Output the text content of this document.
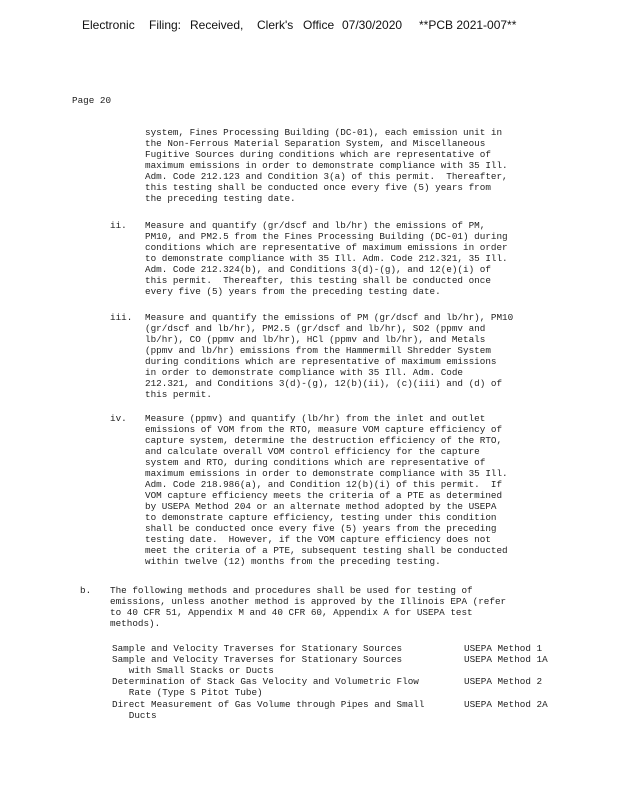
Electronic Filing: Received, Clerk's Office 07/30/2020 **PCB 2021-007**
Page 20
system, Fines Processing Building (DC-01), each emission unit in
the Non-Ferrous Material Separation System, and Miscellaneous
Fugitive Sources during conditions which are representative of
maximum emissions in order to demonstrate compliance with 35 Ill.
Adm. Code 212.123 and Condition 3(a) of this permit.  Thereafter,
this testing shall be conducted once every five (5) years from
the preceding testing date.
ii. Measure and quantify (gr/dscf and lb/hr) the emissions of PM,
PM10, and PM2.5 from the Fines Processing Building (DC-01) during
conditions which are representative of maximum emissions in order
to demonstrate compliance with 35 Ill. Adm. Code 212.321, 35 Ill.
Adm. Code 212.324(b), and Conditions 3(d)-(g), and 12(e)(i) of
this permit.  Thereafter, this testing shall be conducted once
every five (5) years from the preceding testing date.
iii. Measure and quantify the emissions of PM (gr/dscf and lb/hr), PM10
(gr/dscf and lb/hr), PM2.5 (gr/dscf and lb/hr), SO2 (ppmv and
lb/hr), CO (ppmv and lb/hr), HCl (ppmv and lb/hr), and Metals
(ppmv and lb/hr) emissions from the Hammermill Shredder System
during conditions which are representative of maximum emissions
in order to demonstrate compliance with 35 Ill. Adm. Code
212.321, and Conditions 3(d)-(g), 12(b)(ii), (c)(iii) and (d) of
this permit.
iv. Measure (ppmv) and quantify (lb/hr) from the inlet and outlet
emissions of VOM from the RTO, measure VOM capture efficiency of
capture system, determine the destruction efficiency of the RTO,
and calculate overall VOM control efficiency for the capture
system and RTO, during conditions which are representative of
maximum emissions in order to demonstrate compliance with 35 Ill.
Adm. Code 218.986(a), and Condition 12(b)(i) of this permit.  If
VOM capture efficiency meets the criteria of a PTE as determined
by USEPA Method 204 or an alternate method adopted by the USEPA
to demonstrate capture efficiency, testing under this condition
shall be conducted once every five (5) years from the preceding
testing date.  However, if the VOM capture efficiency does not
meet the criteria of a PTE, subsequent testing shall be conducted
within twelve (12) months from the preceding testing.
b. The following methods and procedures shall be used for testing of
emissions, unless another method is approved by the Illinois EPA (refer
to 40 CFR 51, Appendix M and 40 CFR 60, Appendix A for USEPA test
methods).
Sample and Velocity Traverses for Stationary Sources	USEPA Method 1
Sample and Velocity Traverses for Stationary Sources
with Small Stacks or Ducts
USEPA Method 1A
Determination of Stack Gas Velocity and Volumetric Flow
Rate (Type S Pitot Tube)
USEPA Method 2
Direct Measurement of Gas Volume through Pipes and Small
Ducts
USEPA Method 2A
